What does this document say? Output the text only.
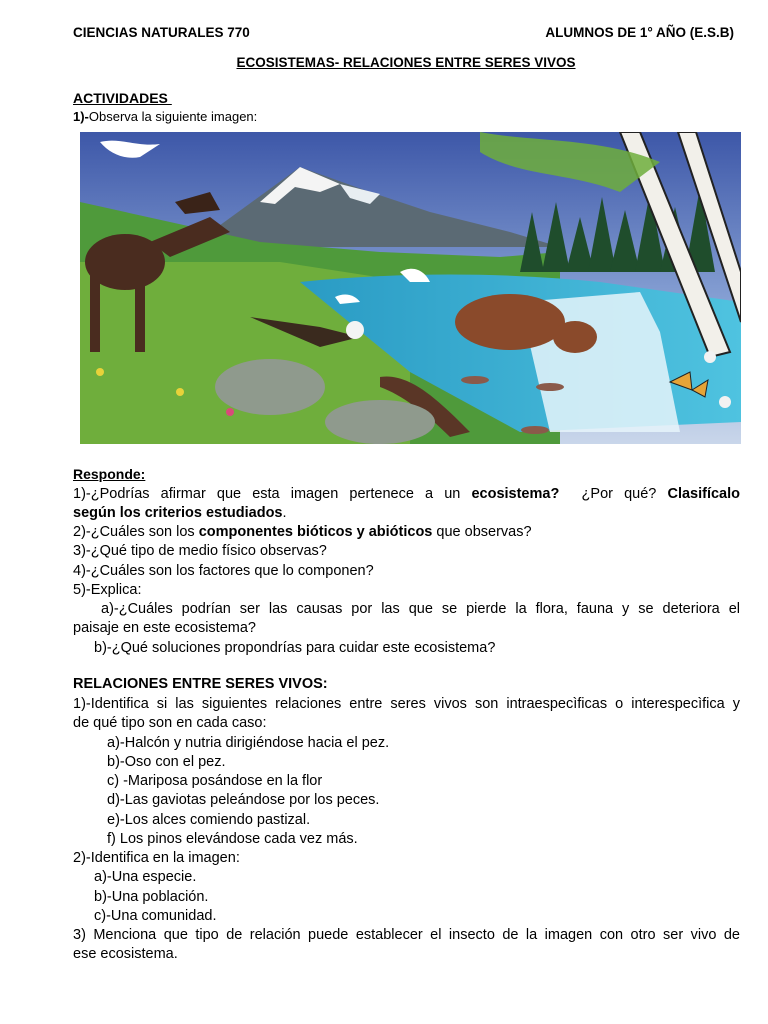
CIENCIAS NATURALES 770	ALUMNOS DE 1° AÑO (E.S.B)
ECOSISTEMAS- RELACIONES ENTRE SERES VIVOS
ACTIVIDADES
1)-Observa la siguiente imagen:
Responde:
1)-¿Podrías afirmar que esta imagen pertenece a un ecosistema?  ¿Por qué? Clasifícalo
según los criterios estudiados.
2)-¿Cuáles son los componentes bióticos y abióticos que observas?
3)-¿Qué tipo de medio físico observas?
4)-¿Cuáles son los factores que lo componen?
5)-Explica:
a)-¿Cuáles podrían ser las causas por las que se pierde la flora, fauna y se deteriora el
paisaje en este ecosistema?
b)-¿Qué soluciones propondrías para cuidar este ecosistema?
RELACIONES ENTRE SERES VIVOS:
1)-Identifica si las siguientes relaciones entre seres vivos son intraespecìficas o interespecìfica y
de qué tipo son en cada caso:
a)-Halcón y nutria dirigiéndose hacia el pez.
b)-Oso con el pez.
c) -Mariposa posándose en la flor
d)-Las gaviotas peleándose por los peces.
e)-Los alces comiendo pastizal.
f) Los pinos elevándose cada vez más.
2)-Identifica en la imagen:
a)-Una especie.
b)-Una población.
c)-Una comunidad.
3) Menciona que tipo de relación puede establecer el insecto de la imagen con otro ser vivo de
ese ecosistema.
